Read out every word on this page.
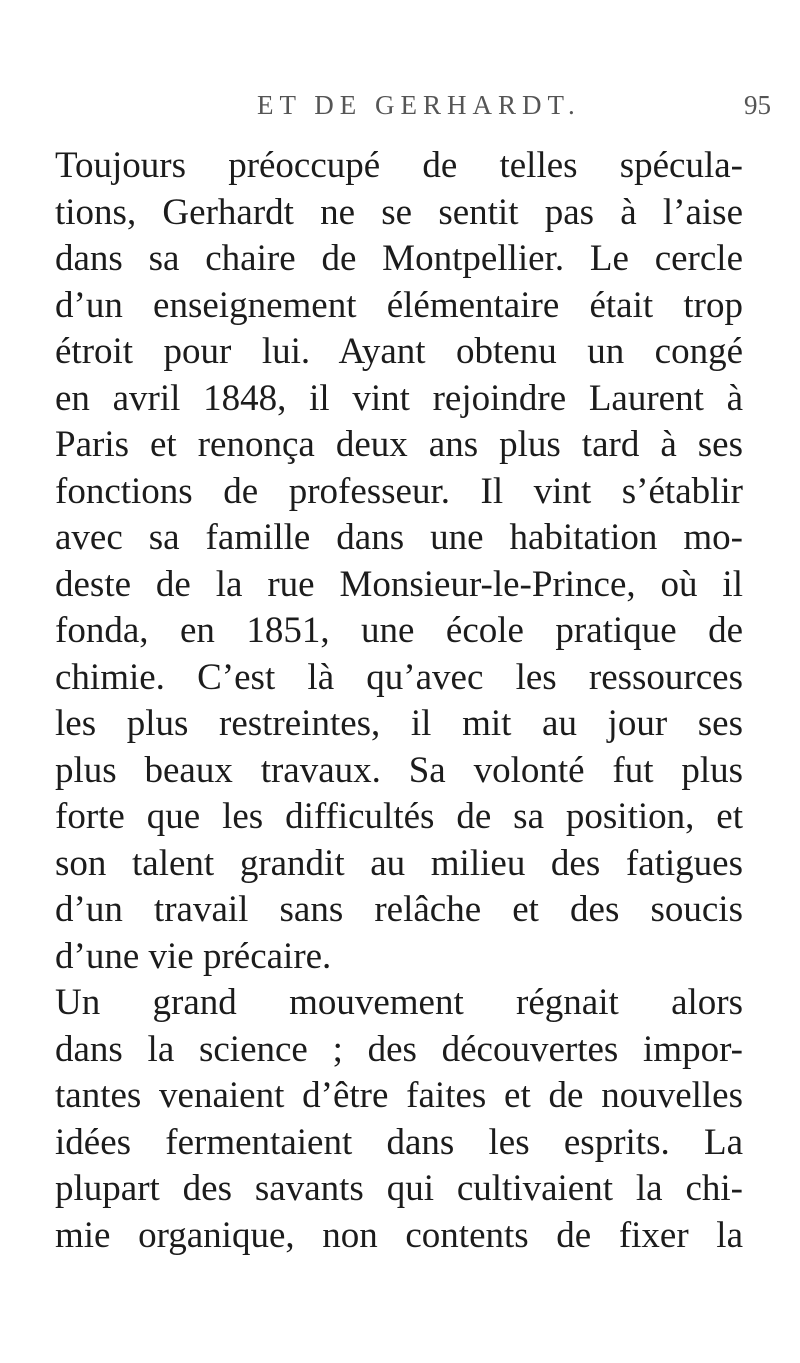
ET DE GERHARDT.	95
Toujours préoccupé de telles spécula-
tions, Gerhardt ne se sentit pas à l’aise
dans sa chaire de Montpellier. Le cercle
d’un enseignement élémentaire était trop
étroit pour lui. Ayant obtenu un congé
en avril 1848, il vint rejoindre Laurent à
Paris et renonça deux ans plus tard à ses
fonctions de professeur. Il vint s’établir
avec sa famille dans une habitation mo-
deste de la rue Monsieur-le-Prince, où il
fonda, en 1851, une école pratique de
chimie. C’est là qu’avec les ressources
les plus restreintes, il mit au jour ses
plus beaux travaux. Sa volonté fut plus
forte que les difficultés de sa position, et
son talent grandit au milieu des fatigues
d’un travail sans relâche et des soucis
d’une vie précaire.
Un grand mouvement régnait alors
dans la science ; des découvertes impor-
tantes venaient d’être faites et de nouvelles
idées fermentaient dans les esprits. La
plupart des savants qui cultivaient la chi-
mie organique, non contents de fixer la
